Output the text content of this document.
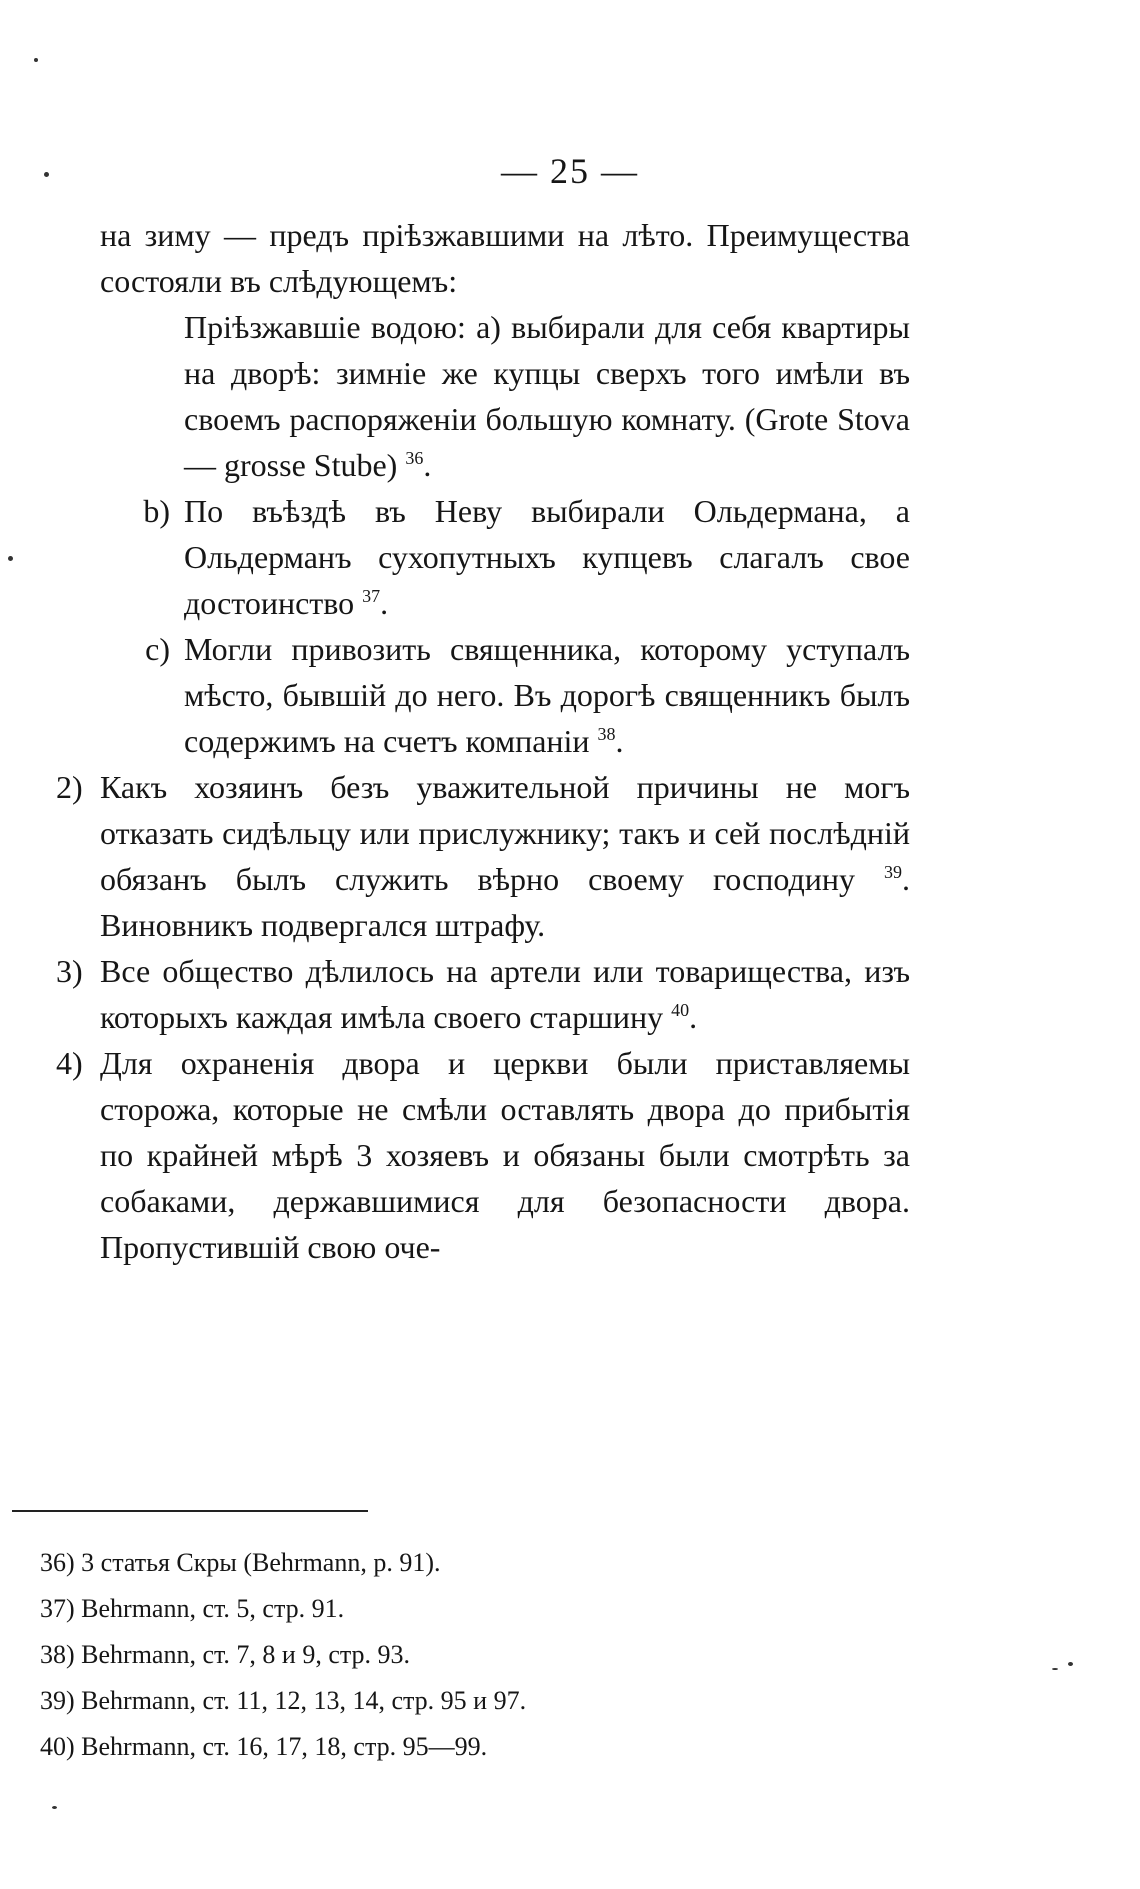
— 25 —

на зиму — предъ пріѣзжавшими на лѣто. Преимущества состояли въ слѣдующемъ:

Пріѣзжавшіе водою: а) выбирали для себя квартиры на дворѣ: зимніе же купцы сверхъ того имѣли въ своемъ распоряженіи большую комнату. (Grote Stova — grosse Stube) $^{36}$.

b) По въѣздѣ въ Неву выбирали Ольдермана, а Ольдерманъ сухопутныхъ купцевъ слагалъ свое достоинство $^{37}$.

c) Могли привозить священника, которому уступалъ мѣсто, бывшій до него. Въ дорогѣ священникъ былъ содержимъ на счетъ компаніи $^{38}$.

2) Какъ хозяинъ безъ уважительной причины не могъ отказать сидѣльцу или прислужнику; такъ и сей послѣдній обязанъ былъ служить вѣрно своему господину $^{39}$. Виновникъ подвергался штрафу.

3) Все общество дѣлилось на артели или товарищества, изъ которыхъ каждая имѣла своего старшину $^{40}$.

4) Для охраненія двора и церкви были приставляемы сторожа, которые не смѣли оставлять двора до прибытія по крайней мѣрѣ 3 хозяевъ и обязаны были смотрѣть за собаками, державшимися для безопасности двора. Пропустившій свою оче-

36) 3 статья Скры (Behrmann, p. 91).

37) Behrmann, ст. 5, стр. 91.

38) Behrmann, ст. 7, 8 и 9, стр. 93.

39) Behrmann, ст. 11, 12, 13, 14, стр. 95 и 97.

40) Behrmann, ст. 16, 17, 18, стр. 95—99.
